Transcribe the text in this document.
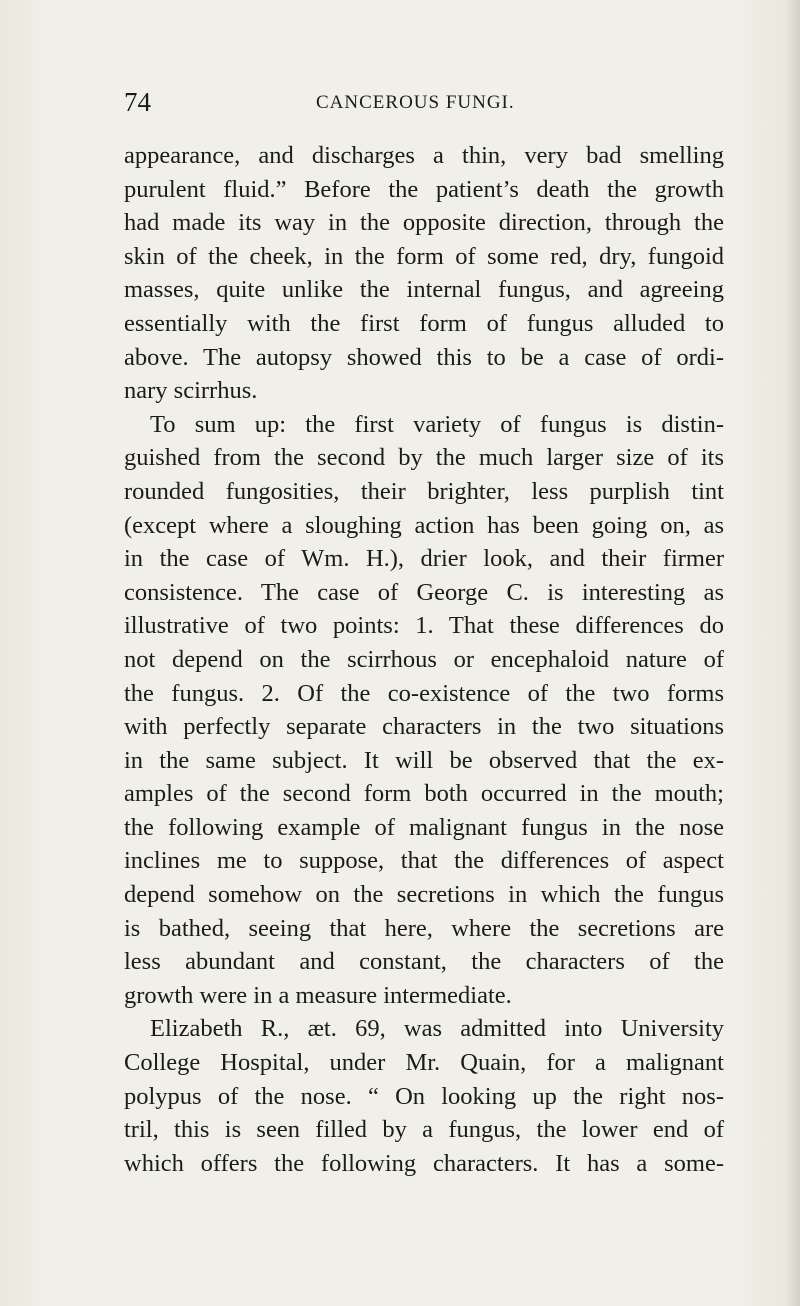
74	CANCEROUS FUNGI.
appearance, and discharges a thin, very bad smelling
purulent fluid.” Before the patient’s death the growth
had made its way in the opposite direction, through the
skin of the cheek, in the form of some red, dry, fungoid
masses, quite unlike the internal fungus, and agreeing
essentially with the first form of fungus alluded to
above. The autopsy showed this to be a case of ordi-
nary scirrhus.
To sum up: the first variety of fungus is distin-
guished from the second by the much larger size of its
rounded fungosities, their brighter, less purplish tint
(except where a sloughing action has been going on, as
in the case of Wm. H.), drier look, and their firmer
consistence. The case of George C. is interesting as
illustrative of two points: 1. That these differences do
not depend on the scirrhous or encephaloid nature of
the fungus. 2. Of the co-existence of the two forms
with perfectly separate characters in the two situations
in the same subject. It will be observed that the ex-
amples of the second form both occurred in the mouth;
the following example of malignant fungus in the nose
inclines me to suppose, that the differences of aspect
depend somehow on the secretions in which the fungus
is bathed, seeing that here, where the secretions are
less abundant and constant, the characters of the
growth were in a measure intermediate.
Elizabeth R., æt. 69, was admitted into University
College Hospital, under Mr. Quain, for a malignant
polypus of the nose. “ On looking up the right nos-
tril, this is seen filled by a fungus, the lower end of
which offers the following characters. It has a some-
